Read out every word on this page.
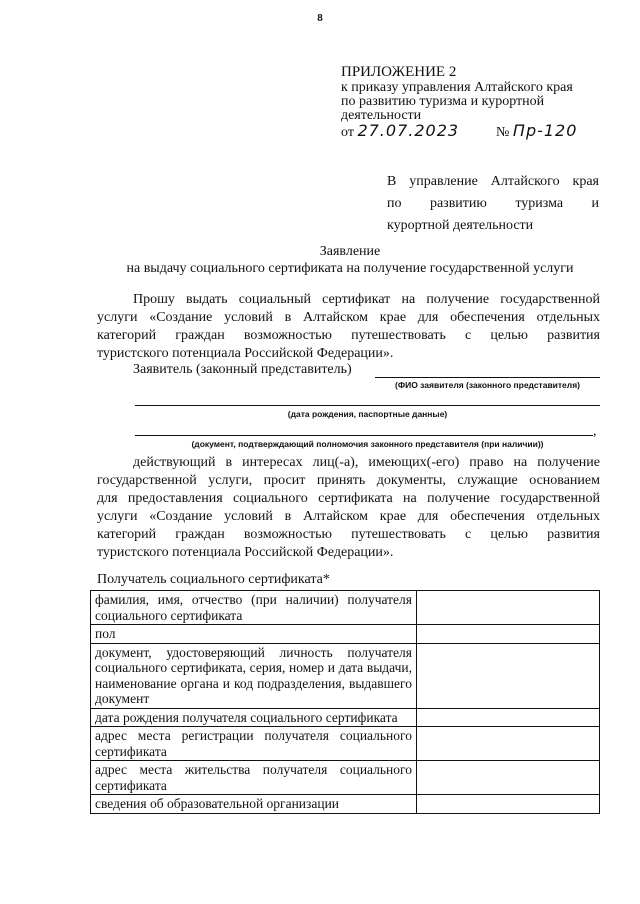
8
ПРИЛОЖЕНИЕ 2
к приказу управления Алтайского края
по развитию туризма и курортной
деятельности
от 27.07.2023	№ Пр-120
В управление Алтайского края
по развитию туризма и
курортной деятельности
Заявление
на выдачу социального сертификата на получение государственной услуги
Прошу выдать социальный сертификат на получение государственной
услуги «Создание условий в Алтайском крае для обеспечения отдельных
категорий граждан возможностью путешествовать с целью развития
туристского потенциала Российской Федерации».
Заявитель (законный представитель)
(ФИО заявителя (законного представителя)
(дата рождения, паспортные данные)
,
(документ, подтверждающий полномочия законного представителя (при наличии))
действующий в интересах лиц(-а), имеющих(-его) право на получение
государственной услуги, просит принять документы, служащие основанием
для предоставления социального сертификата на получение государственной
услуги «Создание условий в Алтайском крае для обеспечения отдельных
категорий граждан возможностью путешествовать с целью развития
туристского потенциала Российской Федерации».
Получатель социального сертификата*
фамилия, имя, отчество (при наличии) получателя социального сертификата	
пол	
документ, удостоверяющий личность получателя социального сертификата, серия, номер и дата выдачи, наименование органа и код подразделения, выдавшего документ	
дата рождения получателя социального сертификата	
адрес места регистрации получателя социального сертификата	
адрес места жительства получателя социального сертификата	
сведения об образовательной организации	
